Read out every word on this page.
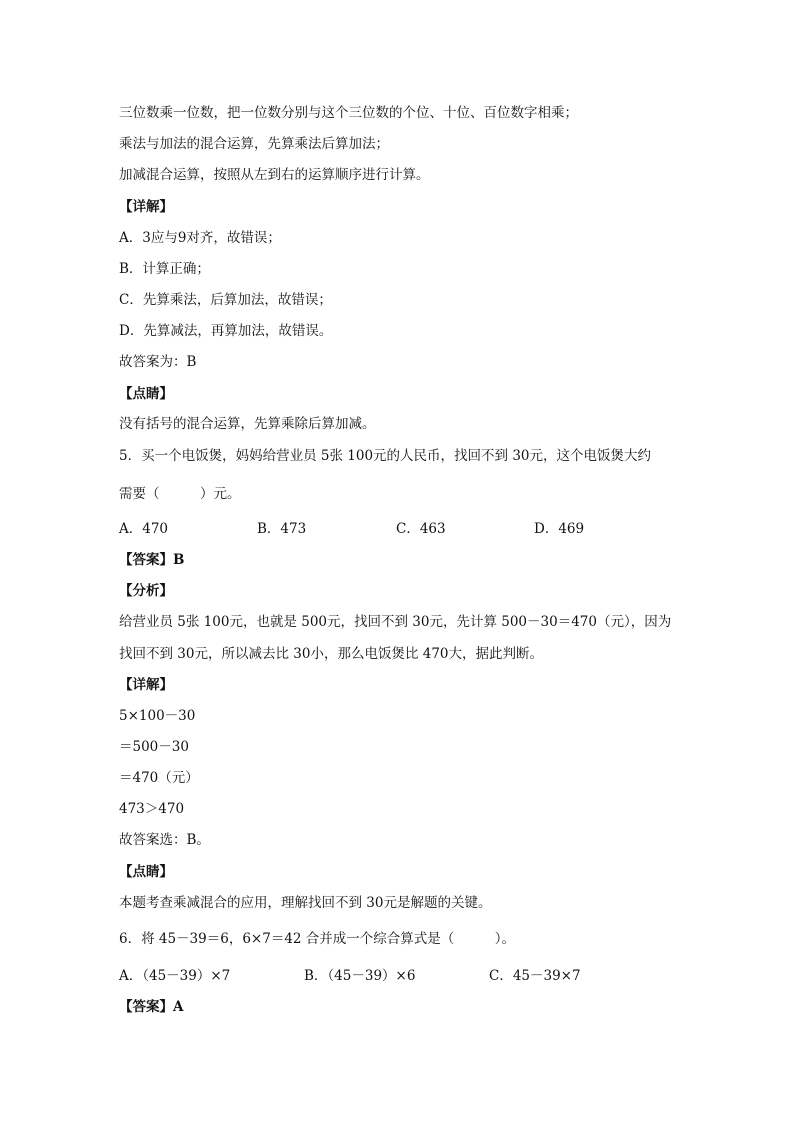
三位数乘一位数，把一位数分别与这个三位数的个位、十位、百位数字相乘；
乘法与加法的混合运算，先算乘法后算加法；
加减混合运算，按照从左到右的运算顺序进行计算。
【详解】
A．3应与9对齐，故错误；
B．计算正确；
C．先算乘法，后算加法，故错误；
D．先算减法，再算加法，故错误。
故答案为：B
【点睛】
没有括号的混合运算，先算乘除后算加减。
5．买一个电饭煲，妈妈给营业员 5张 100元的人民币，找回不到 30元，这个电饭煲大约
需要（　　　）元。
A．470	B．473	C．463	D．469
【答案】B
【分析】
给营业员 5张 100元，也就是 500元，找回不到 30元，先计算 500－30＝470（元），因为
找回不到 30元，所以减去比 30小，那么电饭煲比 470大，据此判断。
【详解】
5×100－30
＝500－30
＝470（元）
473＞470
故答案选：B。
【点睛】
本题考查乘减混合的应用，理解找回不到 30元是解题的关键。
6．将 45－39＝6，6×7＝42 合并成一个综合算式是（　　　）。
A．（45－39）×7	B．（45－39）×6	C．45－39×7
【答案】A
